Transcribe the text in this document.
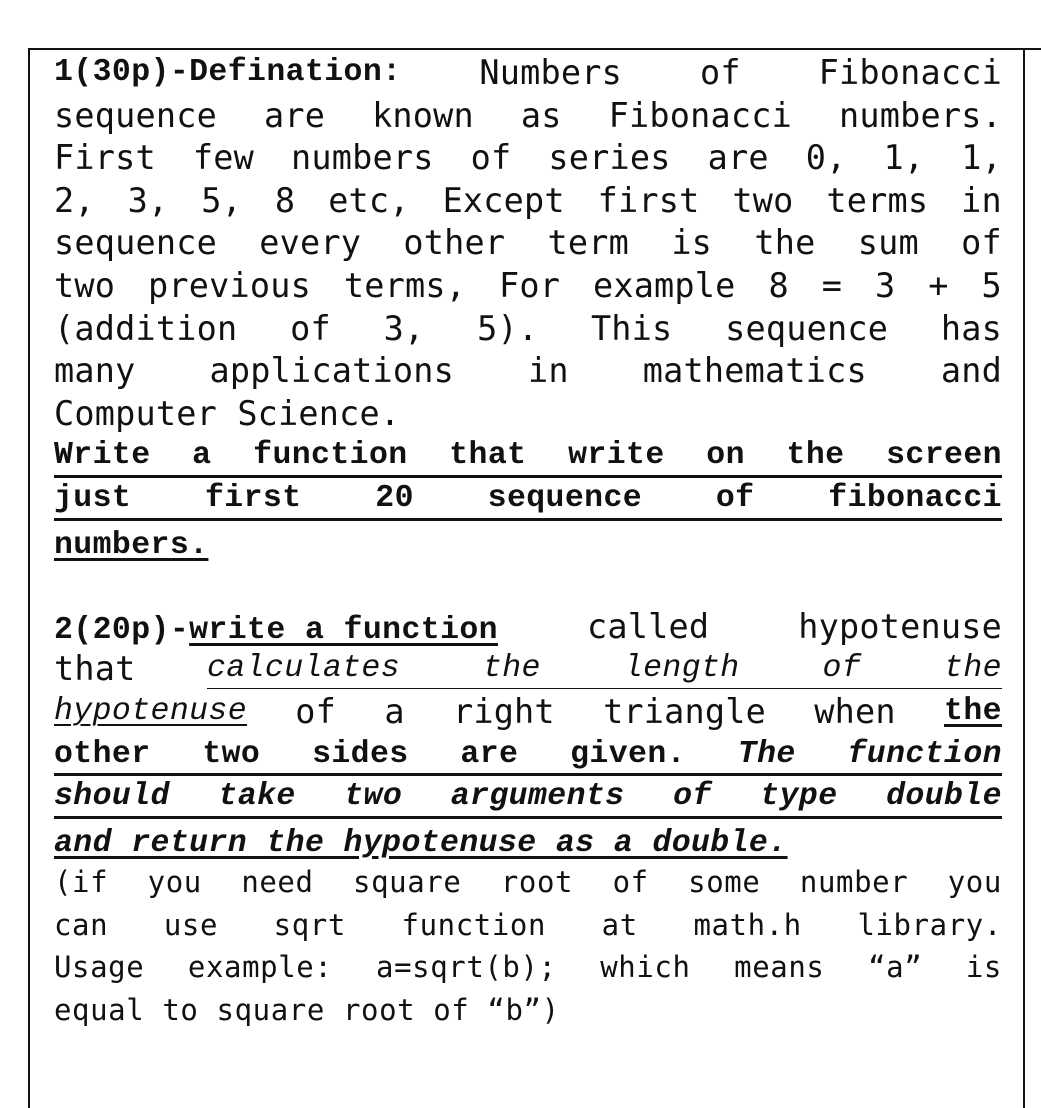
1(30p)-Defination: Numbers of Fibonacci
sequence are known as Fibonacci numbers.
First few numbers of series are 0, 1, 1,
2, 3, 5, 8 etc, Except first two terms in
sequence every other term is the sum of
two previous terms, For example 8 = 3 + 5
(addition of 3, 5). This sequence has
many applications in mathematics and
Computer Science.
Write a function that write on the screen
just first 20 sequence of fibonacci
numbers.
2(20p)-write a function	called	hypotenuse
that calculates	the	length	of	the
hypotenuse of a right triangle when the
other two sides are given. The function
should take two arguments of type double
and return the hypotenuse as a double.
(if you need square root of some number you
can use sqrt function at math.h library.
Usage example: a=sqrt(b); which means “a” is
equal to square root of “b”)
